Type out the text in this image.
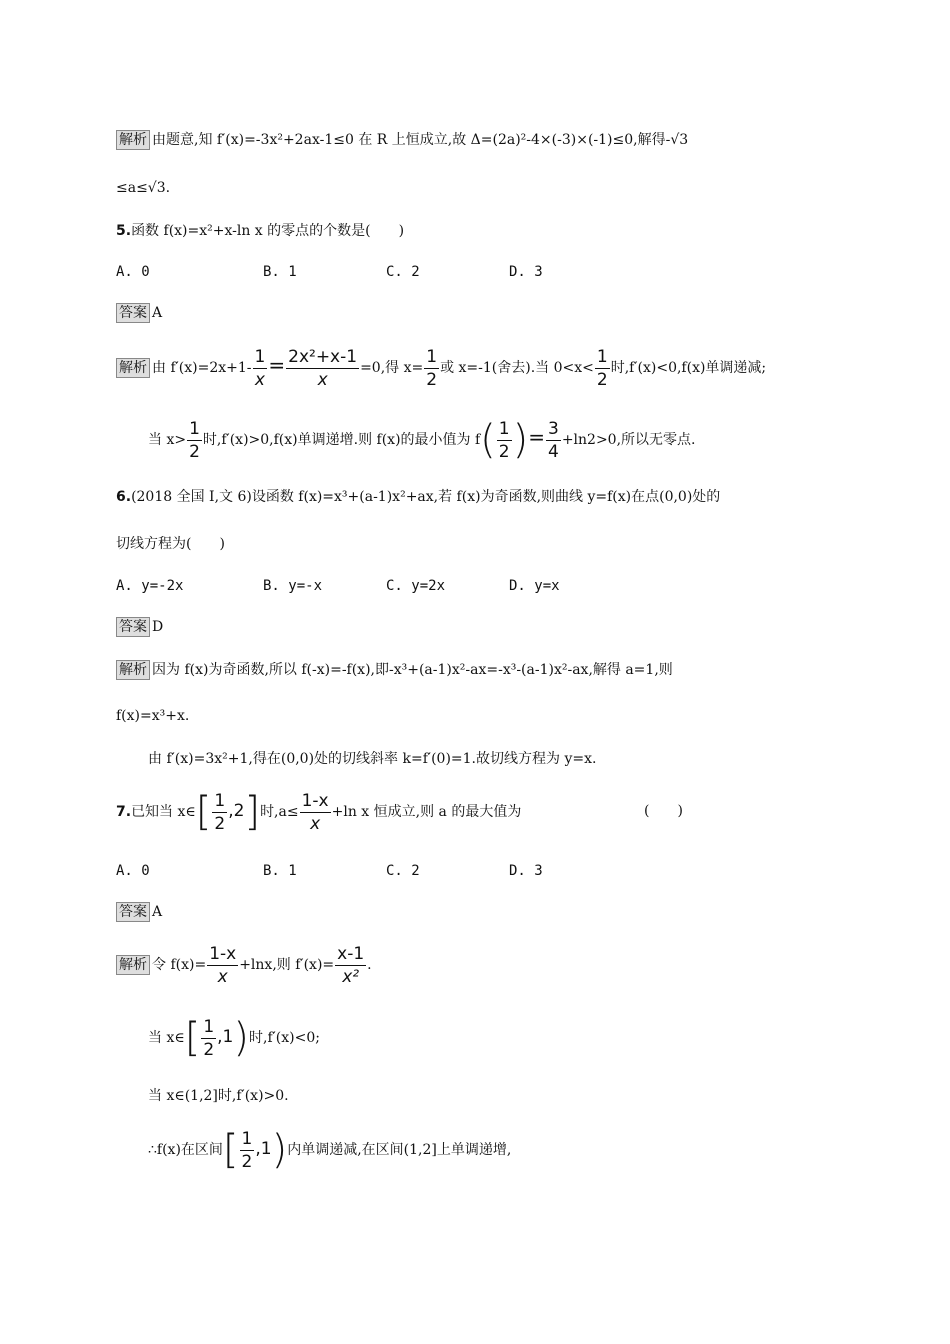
解析 由题意,知 f′(x)=-3x²+2ax-1≤0 在 R 上恒成立,故 Δ=(2a)²-4×(-3)×(-1)≤0,解得-√3
≤a≤√3.
5.函数 f(x)=x²+x-ln x 的零点的个数是(　　)
A. 0	B. 1	C. 2	D. 3
答案 A
解析 由 $f'(x)=2x+1- \frac{1}{x} = \frac{\text{2x²+x-1}}{x} =0$,得 $x= \frac{1}{2}$ 或 x=-1(舍去).当 $0<x< \frac{1}{2}$ 时,f′(x)<0,f(x)单调递减;
当 $x> \frac{1}{2}$ 时,f′(x)>0,f(x)单调递增.则 f(x)的最小值为 $f( \frac{1}{2}$ )= $\frac{3}{4} +\ln 2>0$,所以无零点.
6.(2018 全国 I,文 6)设函数 f(x)=x³+(a-1)x²+ax,若 f(x)为奇函数,则曲线 y=f(x)在点(0,0)处的
切线方程为(　　)
A. y=-2x	B. y=-x	C. y=2x	D. y=x
答案 D
解析 因为 f(x)为奇函数,所以 f(-x)=-f(x),即-x³+(a-1)x²-ax=-x³-(a-1)x²-ax,解得 a=1,则
f(x)=x³+x.
由 f′(x)=3x²+1,得在(0,0)处的切线斜率 k=f′(0)=1.故切线方程为 y=x.
7.已知当 x∈[ $\frac{1}{2} ,2$]时$,a\le \frac{1-x}{x} +\ln$ x 恒成立,则 a 的最大值为	(　　)
A. 0	B. 1	C. 2	D. 3
答案 A
解析 令 $f(x)= \frac{1-x}{x} +\ln x$,则 $f'(x)= \frac{x-1}{\text{x²}}$ .
当 x∈[ $\frac{1}{2} ,1$)时,f′(x)<0;
当 x∈(1,2]时,f′(x)>0.
∴f(x)在区间[ $\frac{1}{2} ,1$)内单调递减,在区间(1,2]上单调递增,
